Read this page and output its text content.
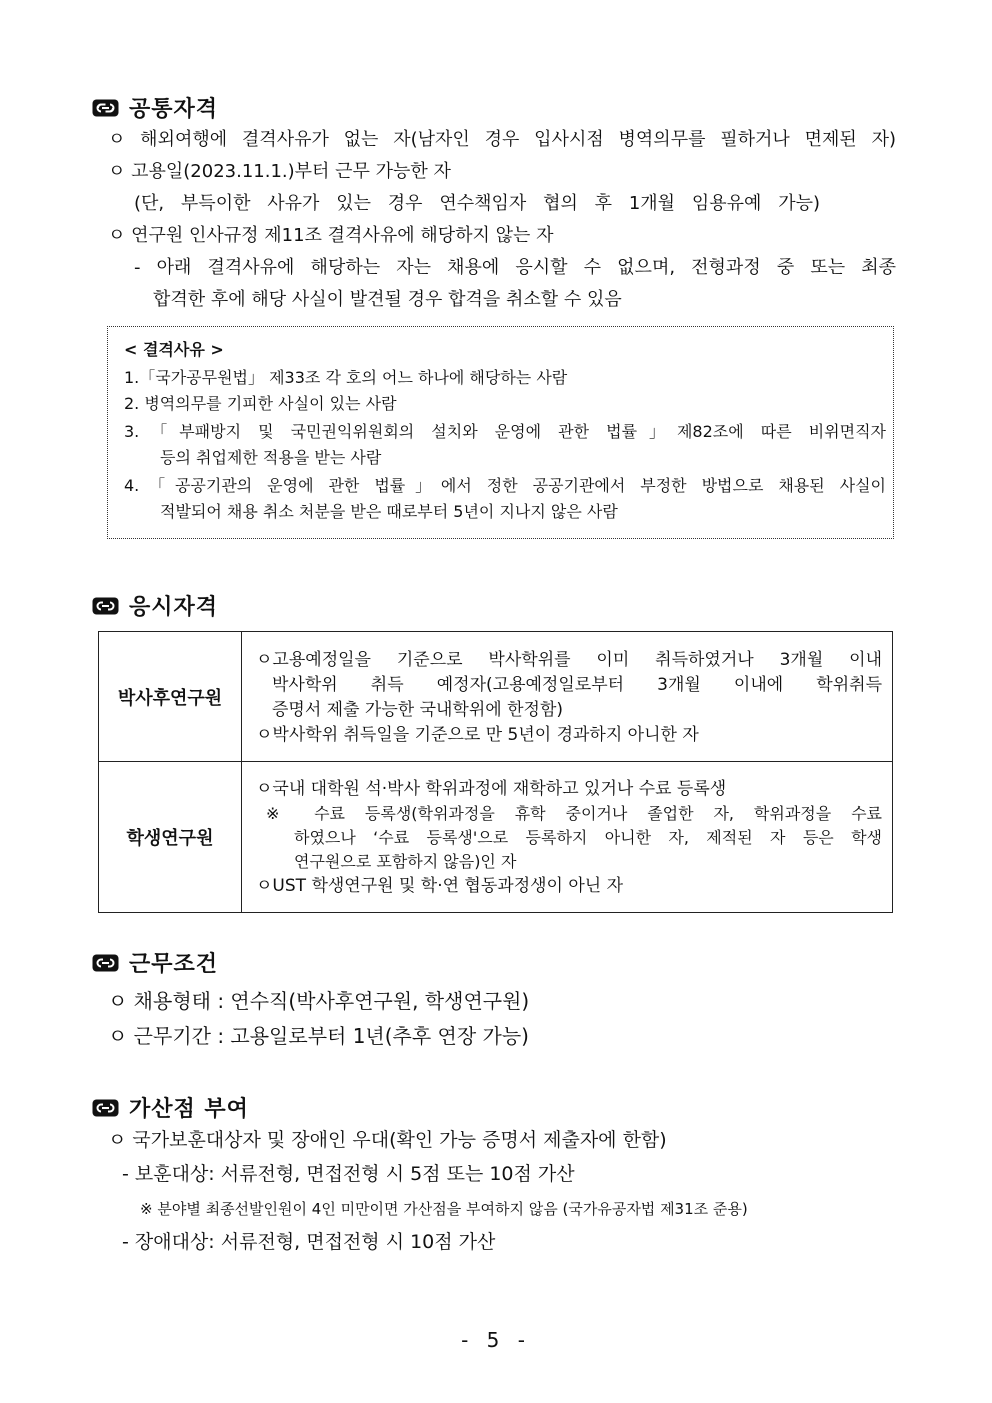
공통자격
ㅇ 해외여행에 결격사유가 없는 자(남자인 경우 입사시점 병역의무를 필하거나 면제된 자)
ㅇ 고용일(2023.11.1.)부터 근무 가능한 자
(단, 부득이한 사유가 있는 경우 연수책임자 협의 후 1개월 임용유예 가능)
ㅇ 연구원 인사규정 제11조 결격사유에 해당하지 않는 자
- 아래 결격사유에 해당하는 자는 채용에 응시할 수 없으며, 전형과정 중 또는 최종
합격한 후에 해당 사실이 발견될 경우 합격을 취소할 수 있음
< 결격사유 >
1.「국가공무원법」 제33조 각 호의 어느 하나에 해당하는 사람
2. 병역의무를 기피한 사실이 있는 사람
3.「부패방지 및 국민권익위원회의 설치와 운영에 관한 법률」제82조에 따른 비위면직자
등의 취업제한 적용을 받는 사람
4.「공공기관의 운영에 관한 법률」에서 정한 공공기관에서 부정한 방법으로 채용된 사실이
적발되어 채용 취소 처분을 받은 때로부터 5년이 지나지 않은 사람
응시자격
박사후연구원	ㅇ고용예정일을 기준으로 박사학위를 이미 취득하였거나 3개월 이내
박사학위 취득 예정자(고용예정일로부터 3개월 이내에 학위취득
증명서 제출 가능한 국내학위에 한정함)
ㅇ박사학위 취득일을 기준으로 만 5년이 경과하지 아니한 자

학생연구원	ㅇ국내 대학원 석·박사 학위과정에 재학하고 있거나 수료 등록생
※ 수료 등록생(학위과정을 휴학 중이거나 졸업한 자, 학위과정을 수료
하였으나 ‘수료 등록생'으로 등록하지 아니한 자, 제적된 자 등은 학생
연구원으로 포함하지 않음)인 자
ㅇUST 학생연구원 및 학·연 협동과정생이 아닌 자
근무조건
ㅇ 채용형태 : 연수직(박사후연구원, 학생연구원)
ㅇ 근무기간 : 고용일로부터 1년(추후 연장 가능)
가산점 부여
ㅇ 국가보훈대상자 및 장애인 우대(확인 가능 증명서 제출자에 한함)
- 보훈대상: 서류전형, 면접전형 시 5점 또는 10점 가산
※ 분야별 최종선발인원이 4인 미만이면 가산점을 부여하지 않음 (국가유공자법 제31조 준용)
- 장애대상: 서류전형, 면접전형 시 10점 가산
- 5 -
